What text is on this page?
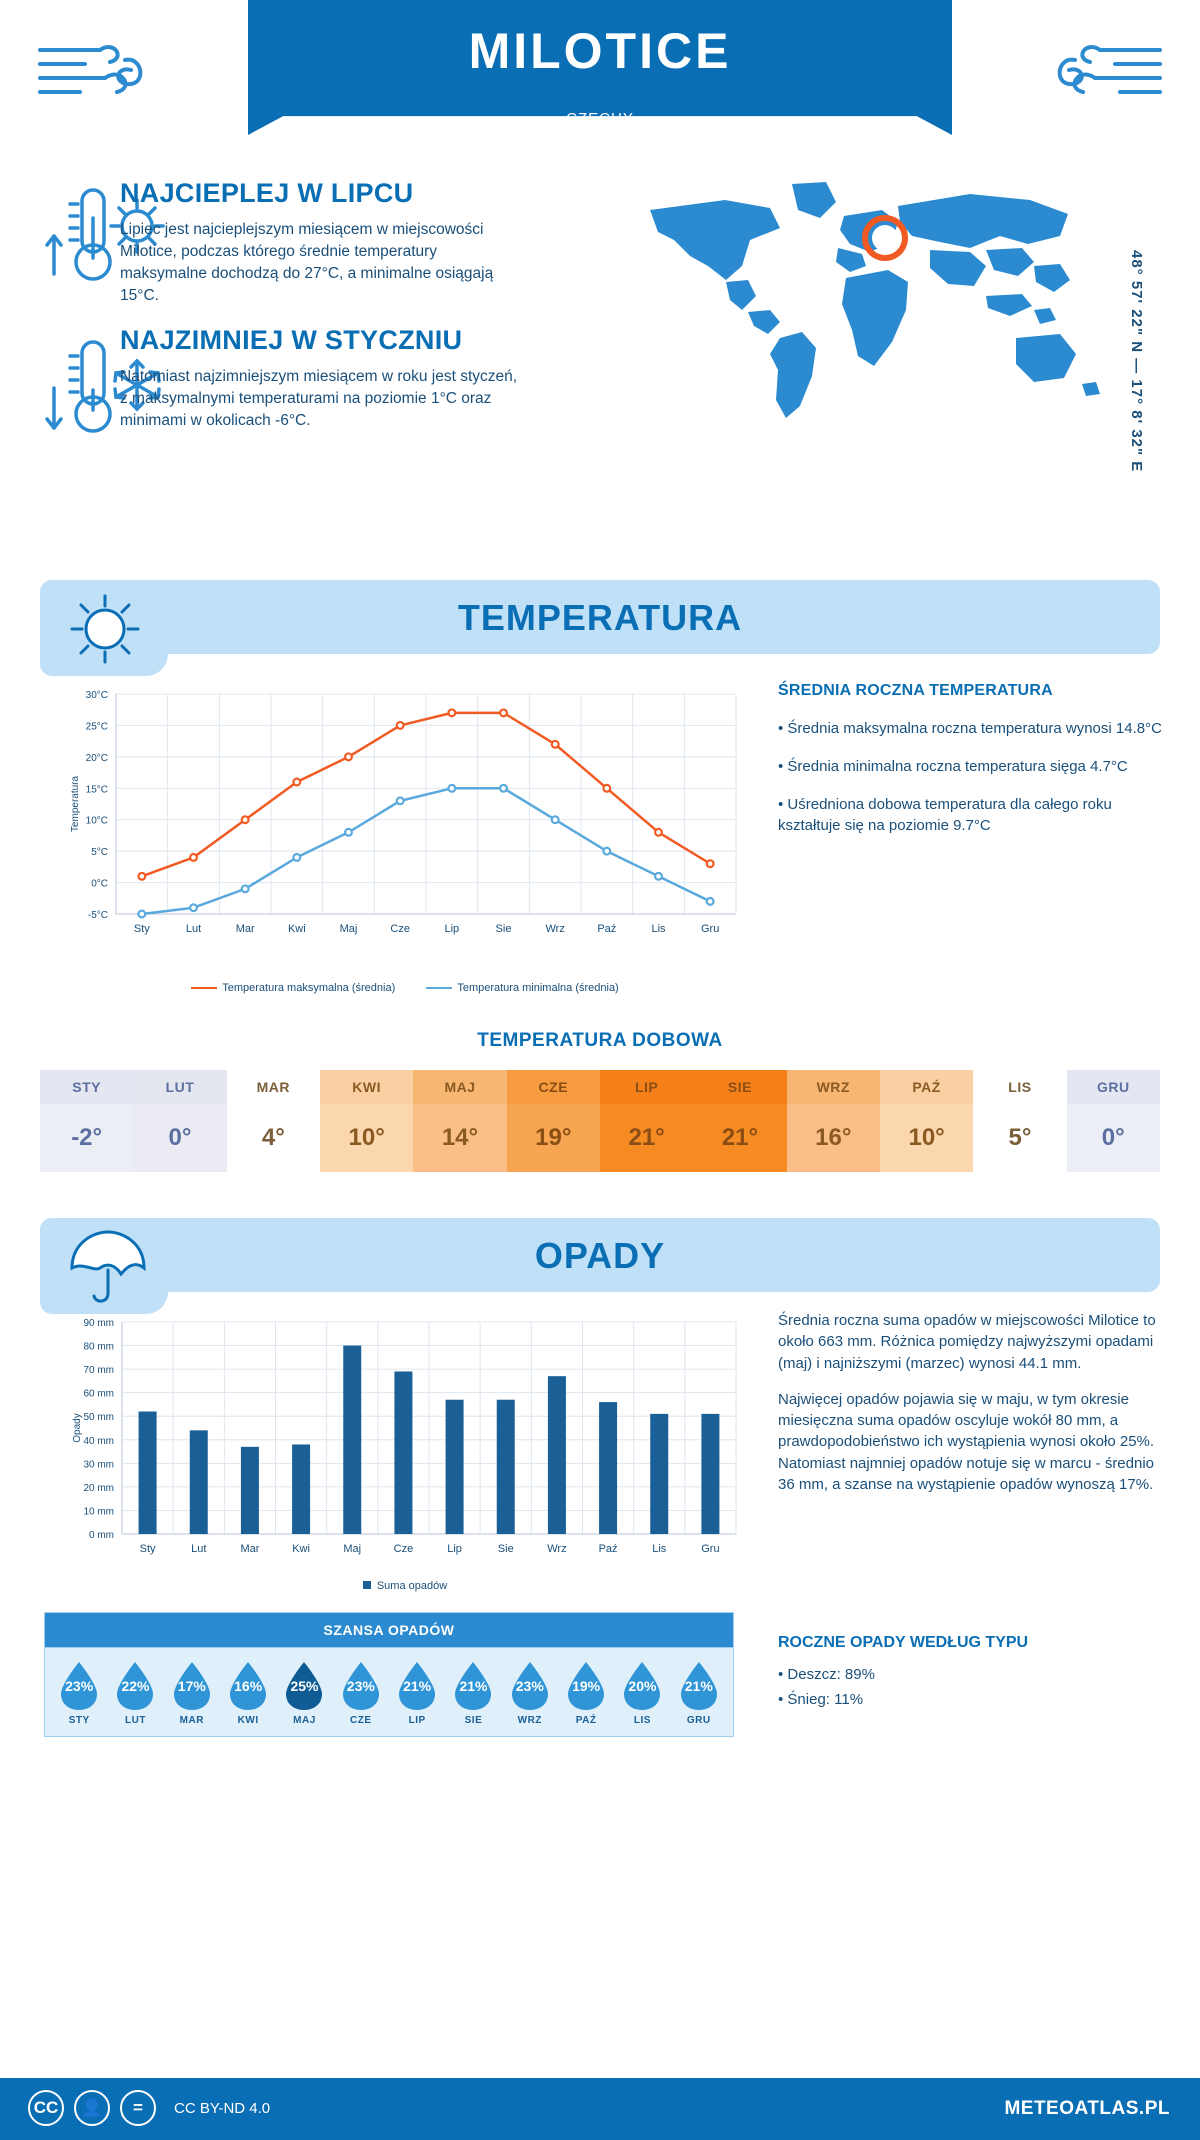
MILOTICE
CZECHY
NAJCIEPLEJ W LIPCU
Lipiec jest najcieplejszym miesiącem w miejscowości Milotice, podczas którego średnie temperatury maksymalne dochodzą do 27°C, a minimalne osiągają 15°C.
NAJZIMNIEJ W STYCZNIU
Natomiast najzimniejszym miesiącem w roku jest styczeń, z maksymalnymi temperaturami na poziomie 1°C oraz minimami w okolicach -6°C.	48° 57' 22" N — 17° 8' 32" E
TEMPERATURA
-5°C
0°C
5°C
10°C
15°C
20°C
25°C
30°C
Temperatura
Sty	Lut	Mar	Kwi	Maj	Cze	Lip	Sie	Wrz	Paź	Lis	Gru
Temperatura maksymalna (średnia)	Temperatura minimalna (średnia)
ŚREDNIA ROCZNA TEMPERATURA
• Średnia maksymalna roczna temperatura wynosi 14.8°C
• Średnia minimalna roczna temperatura sięga 4.7°C
• Uśredniona dobowa temperatura dla całego roku kształtuje się na poziomie 9.7°C
TEMPERATURA DOBOWA
STY
-2°
LUT
0°
MAR
4°
KWI
10°
MAJ
14°
CZE
19°
LIP
21°
SIE
21°
WRZ
16°
PAŹ
10°
LIS
5°
GRU
0°
OPADY
0 mm
10 mm
20 mm
30 mm
40 mm
50 mm
60 mm
70 mm
80 mm
90 mm
Opady
Sty	Lut	Mar	Kwi	Maj	Cze	Lip	Sie	Wrz	Paź	Lis	Gru
Suma opadów

Średnia roczna suma opadów w miejscowości Milotice to około 663 mm. Różnica pomiędzy najwyższymi opadami (maj) i najniższymi (marzec) wynosi 44.1 mm.

Najwięcej opadów pojawia się w maju, w tym okresie miesięczna suma opadów oscyluje wokół 80 mm, a prawdopodobieństwo ich wystąpienia wynosi około 25%. Natomiast najmniej opadów notuje się w marcu - średnio 36 mm, a szanse na wystąpienie opadów wynoszą 17%.

SZANSA OPADÓW
23%
STY
22%
LUT
17%
MAR
16%
KWI
25%
MAJ
23%
CZE
21%
LIP
21%
SIE
23%
WRZ
19%
PAŹ
20%
LIS
21%
GRU
ROCZNE OPADY WEDŁUG TYPU

• Deszcz: 89%

• Śnieg: 11%

CC	👤	=	CC BY-ND 4.0	METEOATLAS.PL
